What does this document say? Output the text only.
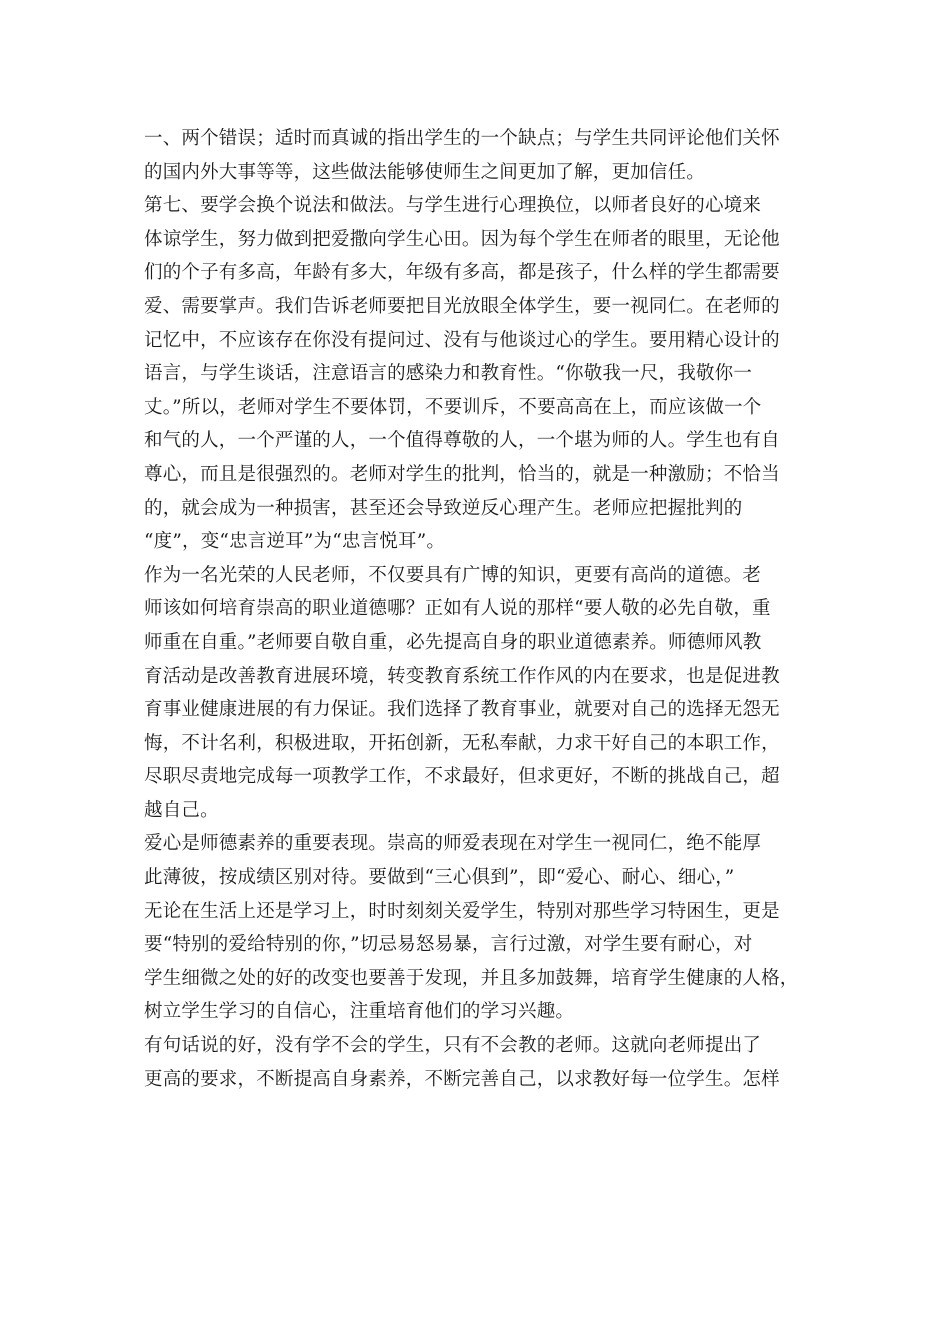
一、两个错误；适时而真诚的指出学生的一个缺点；与学生共同评论他们关怀
的国内外大事等等，这些做法能够使师生之间更加了解，更加信任。
第七、要学会换个说法和做法。与学生进行心理换位，以师者良好的心境来
体谅学生，努力做到把爱撒向学生心田。因为每个学生在师者的眼里，无论他
们的个子有多高，年龄有多大，年级有多高，都是孩子，什么样的学生都需要
爱、需要掌声。我们告诉老师要把目光放眼全体学生，要一视同仁。在老师的
记忆中，不应该存在你没有提问过、没有与他谈过心的学生。要用精心设计的
语言，与学生谈话，注意语言的感染力和教育性。“你敬我一尺，我敬你一
丈。”所以，老师对学生不要体罚，不要训斥，不要高高在上，而应该做一个
和气的人，一个严谨的人，一个值得尊敬的人，一个堪为师的人。学生也有自
尊心，而且是很强烈的。老师对学生的批判，恰当的，就是一种激励；不恰当
的，就会成为一种损害，甚至还会导致逆反心理产生。老师应把握批判的
“度”，变“忠言逆耳”为“忠言悦耳”。
作为一名光荣的人民老师，不仅要具有广博的知识，更要有高尚的道德。老
师该如何培育崇高的职业道德哪？正如有人说的那样“要人敬的必先自敬，重
师重在自重。”老师要自敬自重，必先提高自身的职业道德素养。师德师风教
育活动是改善教育进展环境，转变教育系统工作作风的内在要求，也是促进教
育事业健康进展的有力保证。我们选择了教育事业，就要对自己的选择无怨无
悔，不计名利，积极进取，开拓创新，无私奉献，力求干好自己的本职工作，
尽职尽责地完成每一项教学工作，不求最好，但求更好，不断的挑战自己，超
越自己。
爱心是师德素养的重要表现。崇高的师爱表现在对学生一视同仁，绝不能厚
此薄彼，按成绩区别对待。要做到“三心俱到”，即“爱心、耐心、细心，”
无论在生活上还是学习上，时时刻刻关爱学生，特别对那些学习特困生，更是
要“特别的爱给特别的你，”切忌易怒易暴，言行过激，对学生要有耐心，对
学生细微之处的好的改变也要善于发现，并且多加鼓舞，培育学生健康的人格，
树立学生学习的自信心，注重培育他们的学习兴趣。
有句话说的好，没有学不会的学生，只有不会教的老师。这就向老师提出了
更高的要求，不断提高自身素养，不断完善自己，以求教好每一位学生。怎样
